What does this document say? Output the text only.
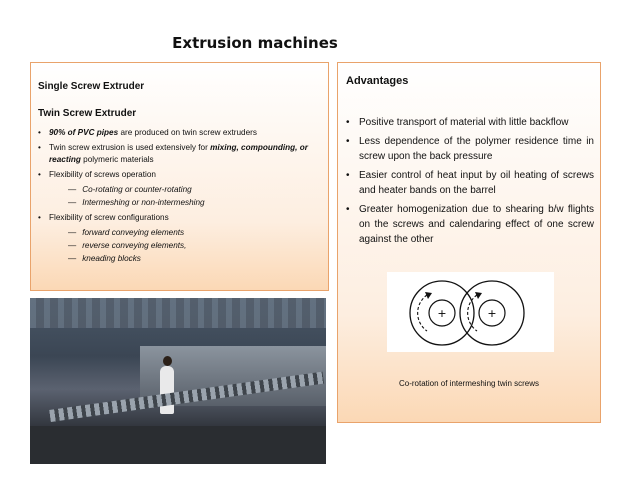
Extrusion machines
Single Screw Extruder
Twin Screw Extruder
• 90% of PVC pipes are produced on twin screw extruders
• Twin screw extrusion is used extensively for mixing, compounding, or reacting polymeric materials
• Flexibility of screws operation
— Co-rotating or counter-rotating
— Intermeshing or non-intermeshing
• Flexibility of screw configurations
— forward conveying elements
— reverse conveying elements,
— kneading blocks
Advantages
• Positive transport of material with little backflow
• Less dependence of the polymer residence time in screw upon the back pressure
• Easier control of heat input by oil heating of screws and heater bands on the barrel
• Greater homogenization due to shearing b/w flights on the screws and calendaring effect of one screw against the other
Co-rotation of intermeshing twin screws
+	+
